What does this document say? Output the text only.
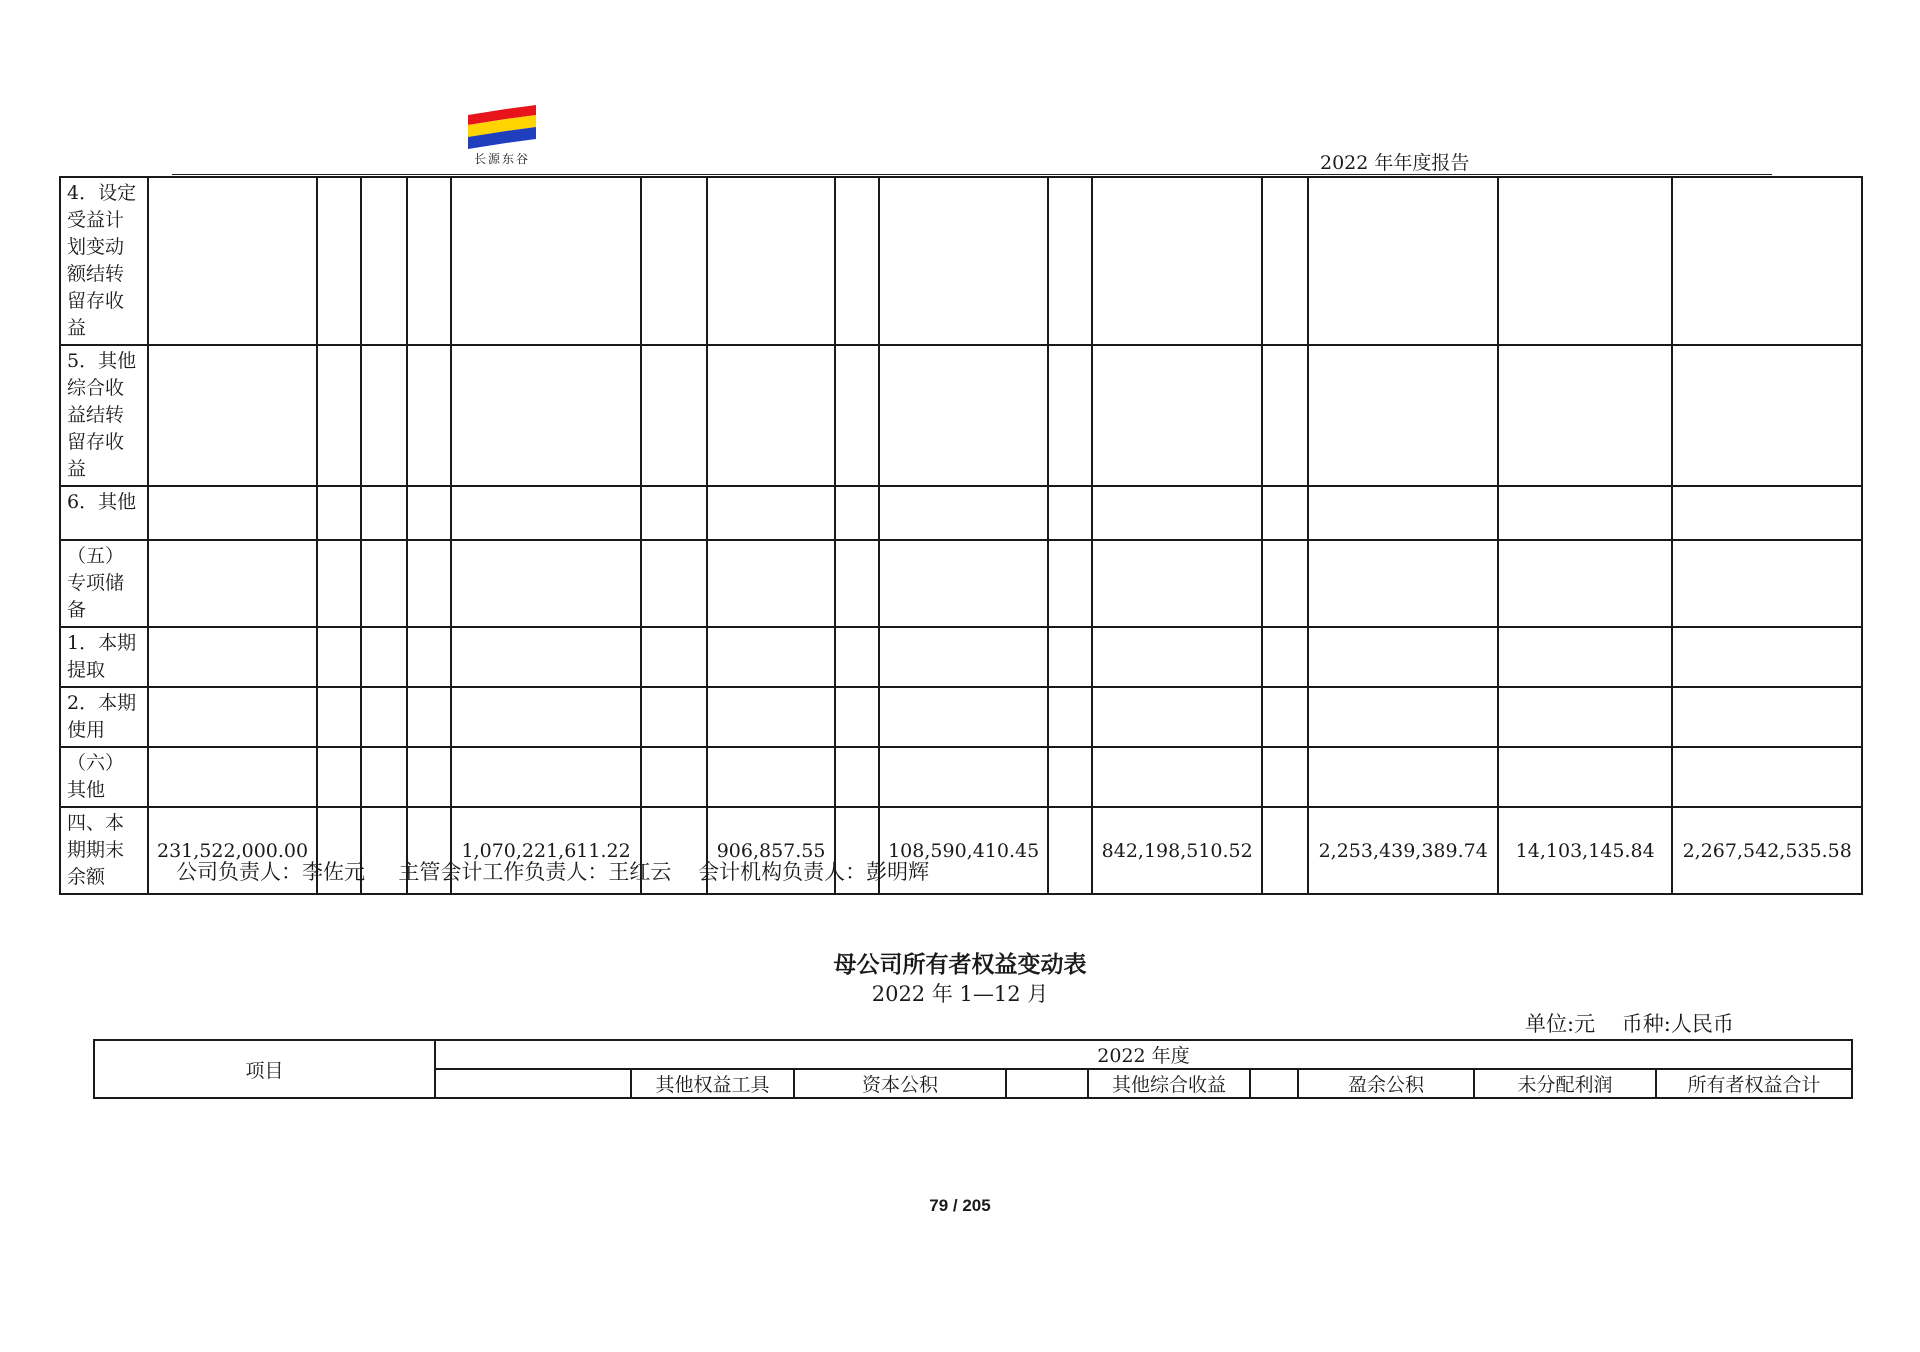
长源东谷	2022 年年度报告
4．设定受益计划变动额结转留存收益															
5．其他综合收益结转留存收益															
6．其他															
（五）专项储备															
1．本期提取															
2．本期使用															
（六）其他															
四、本期期末余额	231,522,000.00				1,070,221,611.22		906,857.55		108,590,410.45		842,198,510.52		2,253,439,389.74	14,103,145.84	2,267,542,535.58
公司负责人：李佐元     主管会计工作负责人：王红云    会计机构负责人：彭明辉
母公司所有者权益变动表
2022 年 1—12 月
单位:元    币种:人民币
项目	2022 年度								
		其他权益工具	资本公积		其他综合收益		盈余公积	未分配利润	所有者权益合计
79 / 205
